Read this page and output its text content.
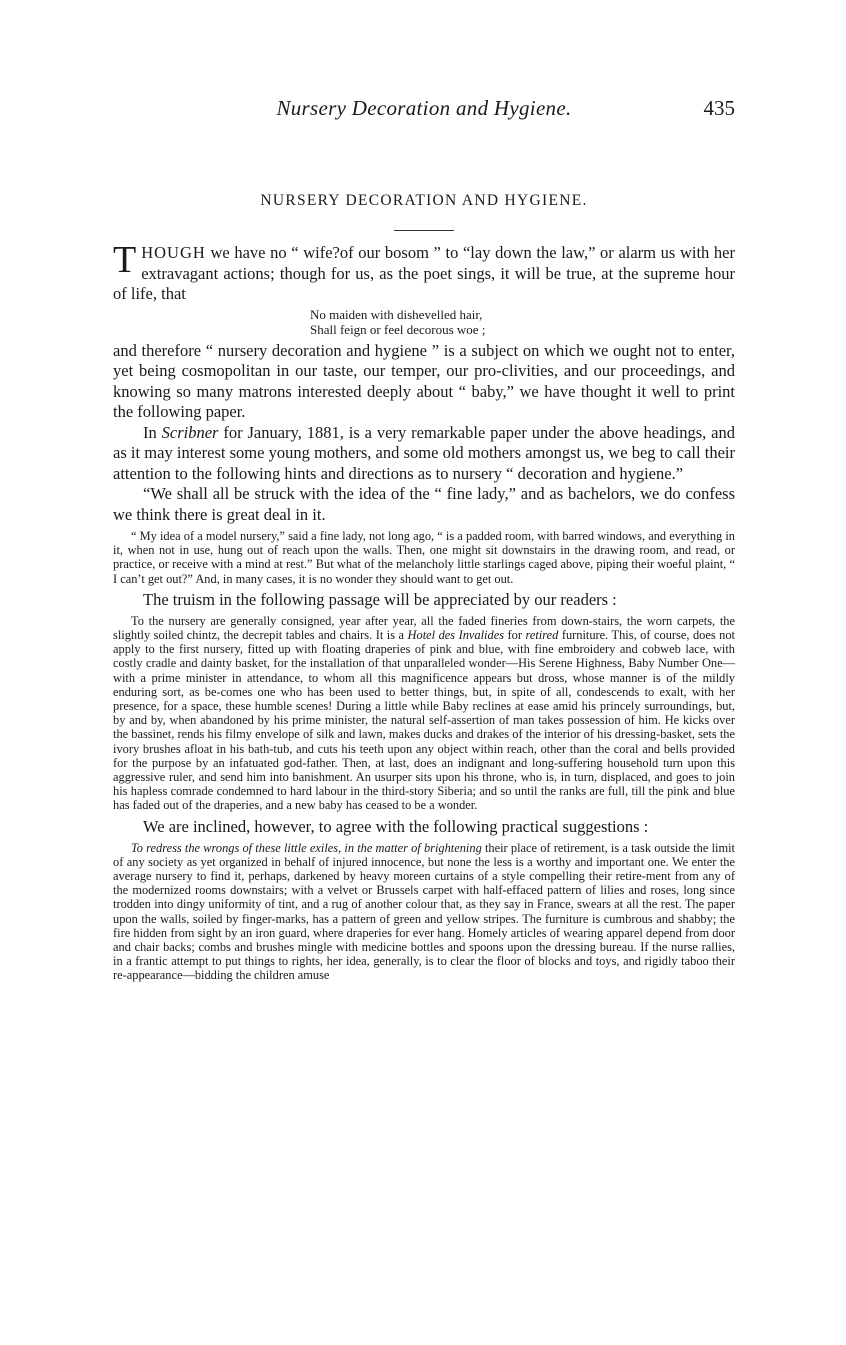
Nursery Decoration and Hygiene.	435
NURSERY DECORATION AND HYGIENE.

THOUGH we have no “ wife?of our bosom ” to “lay down the law,” or alarm us with her extravagant actions; though for us, as the poet sings, it will be true, at the supreme hour of life, that

No maiden with dishevelled hair,
Shall feign or feel decorous woe ;

and therefore “ nursery decoration and hygiene ” is a subject on which we ought not to enter, yet being cosmopolitan in our taste, our temper, our pro-clivities, and our proceedings, and knowing so many matrons interested deeply about “ baby,” we have thought it well to print the following paper.

In Scribner for January, 1881, is a very remarkable paper under the above headings, and as it may interest some young mothers, and some old mothers amongst us, we beg to call their attention to the following hints and directions as to nursery “ decoration and hygiene.”

“We shall all be struck with the idea of the “ fine lady,” and as bachelors, we do confess we think there is great deal in it.

“ My idea of a model nursery,” said a fine lady, not long ago, “ is a padded room, with barred windows, and everything in it, when not in use, hung out of reach upon the walls. Then, one might sit downstairs in the drawing room, and read, or practice, or receive with a mind at rest.” But what of the melancholy little starlings caged above, piping their woeful plaint, “ I can’t get out?” And, in many cases, it is no wonder they should want to get out.

The truism in the following passage will be appreciated by our readers :

To the nursery are generally consigned, year after year, all the faded fineries from down-stairs, the worn carpets, the slightly soiled chintz, the decrepit tables and chairs. It is a Hotel des Invalides for retired furniture. This, of course, does not apply to the first nursery, fitted up with floating draperies of pink and blue, with fine embroidery and cobweb lace, with costly cradle and dainty basket, for the installation of that unparalleled wonder—His Serene Highness, Baby Number One—with a prime minister in attendance, to whom all this magnificence appears but dross, whose manner is of the mildly enduring sort, as be-comes one who has been used to better things, but, in spite of all, condescends to exalt, with her presence, for a space, these humble scenes! During a little while Baby reclines at ease amid his princely surroundings, but, by and by, when abandoned by his prime minister, the natural self-assertion of man takes possession of him. He kicks over the bassinet, rends his filmy envelope of silk and lawn, makes ducks and drakes of the interior of his dressing-basket, sets the ivory brushes afloat in his bath-tub, and cuts his teeth upon any object within reach, other than the coral and bells provided for the purpose by an infatuated god-father. Then, at last, does an indignant and long-suffering household turn upon this aggressive ruler, and send him into banishment. An usurper sits upon his throne, who is, in turn, displaced, and goes to join his hapless comrade condemned to hard labour in the third-story Siberia; and so until the ranks are full, till the pink and blue has faded out of the draperies, and a new baby has ceased to be a wonder.

We are inclined, however, to agree with the following practical suggestions :

To redress the wrongs of these little exiles, in the matter of brightening their place of retirement, is a task outside the limit of any society as yet organized in behalf of injured innocence, but none the less is a worthy and important one. We enter the average nursery to find it, perhaps, darkened by heavy moreen curtains of a style compelling their retire-ment from any of the modernized rooms downstairs; with a velvet or Brussels carpet with half-effaced pattern of lilies and roses, long since trodden into dingy uniformity of tint, and a rug of another colour that, as they say in France, swears at all the rest. The paper upon the walls, soiled by finger-marks, has a pattern of green and yellow stripes. The furniture is cumbrous and shabby; the fire hidden from sight by an iron guard, where draperies for ever hang. Homely articles of wearing apparel depend from door and chair backs; combs and brushes mingle with medicine bottles and spoons upon the dressing bureau. If the nurse rallies, in a frantic attempt to put things to rights, her idea, generally, is to clear the floor of blocks and toys, and rigidly taboo their re-appearance—bidding the children amuse
